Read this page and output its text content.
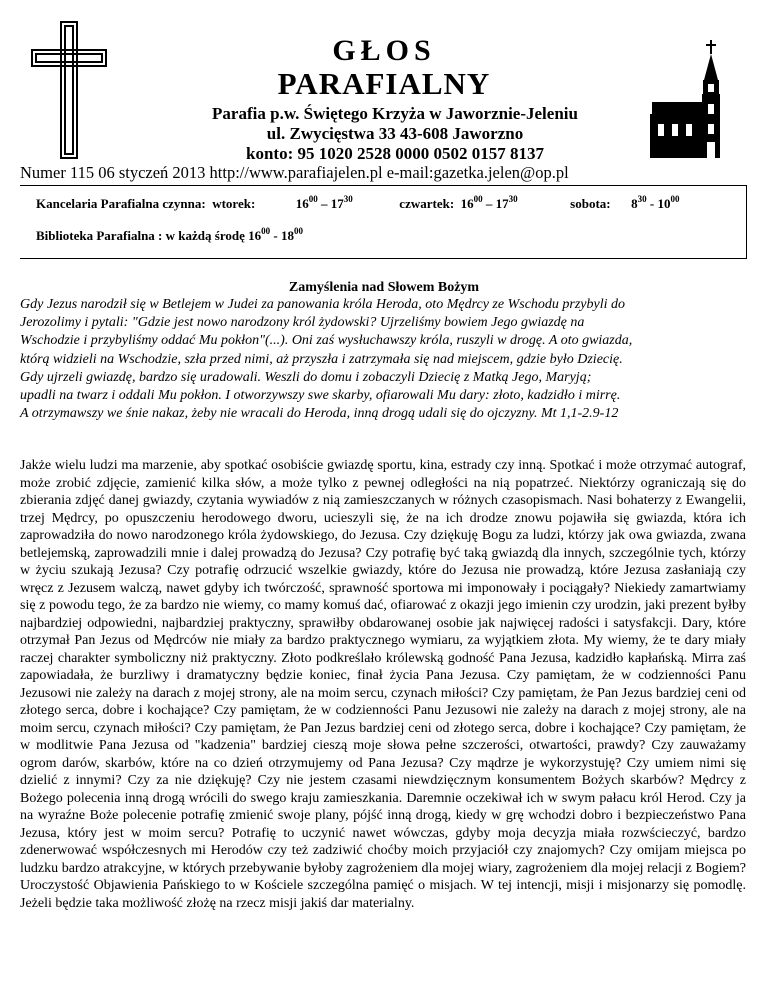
GŁOS
PARAFIALNY
Parafia p.w. Świętego Krzyża w Jaworznie-Jeleniu
ul. Zwycięstwa 33 43-608 Jaworzno
konto: 95 1020 2528 0000 0502 0157 8137
Numer 115 06 styczeń 2013 http://www.parafiajelen.pl e-mail:gazetka.jelen@op.pl
Kancelaria Parafialna czynna: wtorek:	$16^{00} - 17^{30}$	czwartek: $16^{00} - 17^{30}$	sobota: $8^{30} - 10^{00}$
Biblioteka Parafialna : w każdą środę $16^{00} - 18^{00}$
Zamyślenia nad Słowem Bożym

Gdy Jezus narodził się w Betlejem w Judei za panowania króla Heroda, oto Mędrcy ze Wschodu przybyli do

Jerozolimy i pytali: "Gdzie jest nowo narodzony król żydowski? Ujrzeliśmy bowiem Jego gwiazdę na

Wschodzie i przybyliśmy oddać Mu pokłon"(...). Oni zaś wysłuchawszy króla, ruszyli w drogę. A oto gwiazda,

którą widzieli na Wschodzie, szła przed nimi, aż przyszła i zatrzymała się nad miejscem, gdzie było Dziecię.

Gdy ujrzeli gwiazdę, bardzo się uradowali. Weszli do domu i zobaczyli Dziecię z Matką Jego, Maryją;

upadli na twarz i oddali Mu pokłon. I otworzywszy swe skarby, ofiarowali Mu dary: złoto, kadzidło i mirrę.

A otrzymawszy we śnie nakaz, żeby nie wracali do Heroda, inną drogą udali się do ojczyzny. Mt 1,1-2.9-12

Jakże wielu ludzi ma marzenie, aby spotkać osobiście gwiazdę sportu, kina, estrady czy inną. Spotkać i może otrzymać autograf, może zrobić zdjęcie, zamienić kilka słów, a może tylko z pewnej odległości na nią popatrzeć. Niektórzy ograniczają się do zbierania zdjęć danej gwiazdy, czytania wywiadów z nią zamieszczanych w różnych czasopismach. Nasi bohaterzy z Ewangelii, trzej Mędrcy, po opuszczeniu herodowego dworu, ucieszyli się, że na ich drodze znowu pojawiła się gwiazda, która ich zaprowadziła do nowo narodzonego króla żydowskiego, do Jezusa. Czy dziękuję Bogu za ludzi, którzy jak owa gwiazda, zwana betlejemską, zaprowadzili mnie i dalej prowadzą do Jezusa? Czy potrafię być taką gwiazdą dla innych, szczególnie tych, którzy w życiu szukają Jezusa? Czy potrafię odrzucić wszelkie gwiazdy, które do Jezusa nie prowadzą, które Jezusa zasłaniają czy wręcz z Jezusem walczą, nawet gdyby ich twórczość, sprawność sportowa mi imponowały i pociągały? Niekiedy zamartwiamy się z powodu tego, że za bardzo nie wiemy, co mamy komuś dać, ofiarować z okazji jego imienin czy urodzin, jaki prezent byłby najbardziej odpowiedni, najbardziej praktyczny, sprawiłby obdarowanej osobie jak najwięcej radości i satysfakcji. Dary, które otrzymał Pan Jezus od Mędrców nie miały za bardzo praktycznego wymiaru, za wyjątkiem złota. My wiemy, że te dary miały raczej charakter symboliczny niż praktyczny. Złoto podkreślało królewską godność Pana Jezusa, kadzidło kapłańską. Mirra zaś zapowiadała, że burzliwy i dramatyczny będzie koniec, finał życia Pana Jezusa. Czy pamiętam, że w codzienności Panu Jezusowi nie zależy na darach z mojej strony, ale na moim sercu, czynach miłości? Czy pamiętam, że Pan Jezus bardziej ceni od złotego serca, dobre i kochające? Czy pamiętam, że w codzienności Panu Jezusowi nie zależy na darach z mojej strony, ale na moim sercu, czynach miłości? Czy pamiętam, że Pan Jezus bardziej ceni od złotego serca, dobre i kochające? Czy pamiętam, że w modlitwie Pana Jezusa od "kadzenia" bardziej cieszą moje słowa pełne szczerości, otwartości, prawdy? Czy zauważamy ogrom darów, skarbów, które na co dzień otrzymujemy od Pana Jezusa? Czy mądrze je wykorzystuję? Czy umiem nimi się dzielić z innymi? Czy za nie dziękuję? Czy nie jestem czasami niewdzięcznym konsumentem Bożych skarbów? Mędrcy z Bożego polecenia inną drogą wrócili do swego kraju zamieszkania. Daremnie oczekiwał ich w swym pałacu król Herod. Czy ja na wyraźne Boże polecenie potrafię zmienić swoje plany, pójść inną drogą, kiedy w grę wchodzi dobro i bezpieczeństwo Pana Jezusa, który jest w moim sercu? Potrafię to uczynić nawet wówczas, gdyby moja decyzja miała rozwścieczyć, bardzo zdenerwować współczesnych mi Herodów czy też zadziwić choćby moich przyjaciół czy znajomych? Czy omijam miejsca po ludzku bardzo atrakcyjne, w których przebywanie byłoby zagrożeniem dla mojej wiary, zagrożeniem dla mojej relacji z Bogiem? Uroczystość Objawienia Pańskiego to w Kościele szczególna pamięć o misjach. W tej intencji, misji i misjonarzy się pomodlę. Jeżeli będzie taka możliwość złożę na rzecz misji jakiś dar materialny.
